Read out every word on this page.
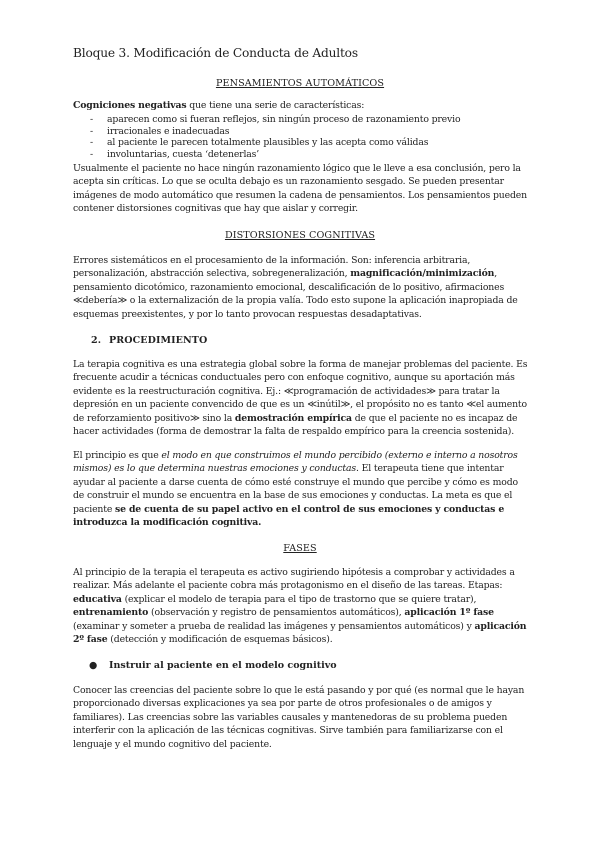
Bloque 3. Modificación de Conducta de Adultos
PENSAMIENTOS AUTOMÁTICOS
Cogniciones negativas que tiene una serie de características:
- aparecen como si fueran reflejos, sin ningún proceso de razonamiento previo
- irracionales e inadecuadas
- al paciente le parecen totalmente plausibles y las acepta como válidas
- involuntarias, cuesta ‘detenerlas’
Usualmente el paciente no hace ningún razonamiento lógico que le lleve a esa conclusión, pero la acepta sin críticas. Lo que se oculta debajo es un razonamiento sesgado. Se pueden presentar imágenes de modo automático que resumen la cadena de pensamientos. Los pensamientos pueden contener distorsiones cognitivas que hay que aislar y corregir.
DISTORSIONES COGNITIVAS
Errores sistemáticos en el procesamiento de la información. Son: inferencia arbitraria, personalización, abstracción selectiva, sobregeneralización, magnificación/minimización, pensamiento dicotómico, razonamiento emocional, descalificación de lo positivo, afirmaciones ≪debería≫ o la externalización de la propia valía. Todo esto supone la aplicación inapropiada de esquemas preexistentes, y por lo tanto provocan respuestas desadaptativas.
2. PROCEDIMIENTO
La terapia cognitiva es una estrategia global sobre la forma de manejar problemas del paciente. Es frecuente acudir a técnicas conductuales pero con enfoque cognitivo, aunque su aportación más evidente es la reestructuración cognitiva. Ej.: ≪programación de actividades≫ para tratar la depresión en un paciente convencido de que es un ≪inútil≫, el propósito no es tanto ≪el aumento de reforzamiento positivo≫ sino la demostración empírica de que el paciente no es incapaz de hacer actividades (forma de demostrar la falta de respaldo empírico para la creencia sostenida).
El principio es que el modo en que construimos el mundo percibido (externo e interno a nosotros mismos) es lo que determina nuestras emociones y conductas. El terapeuta tiene que intentar ayudar al paciente a darse cuenta de cómo esté construye el mundo que percibe y cómo es modo de construir el mundo se encuentra en la base de sus emociones y conductas. La meta es que el paciente se de cuenta de su papel activo en el control de sus emociones y conductas e introduzca la modificación cognitiva.
FASES
Al principio de la terapia el terapeuta es activo sugiriendo hipótesis a comprobar y actividades a realizar. Más adelante el paciente cobra más protagonismo en el diseño de las tareas. Etapas: educativa (explicar el modelo de terapia para el tipo de trastorno que se quiere tratar), entrenamiento (observación y registro de pensamientos automáticos), aplicación 1º fase (examinar y someter a prueba de realidad las imágenes y pensamientos automáticos) y aplicación 2º fase (detección y modificación de esquemas básicos).
● Instruir al paciente en el modelo cognitivo
Conocer las creencias del paciente sobre lo que le está pasando y por qué (es normal que le hayan proporcionado diversas explicaciones ya sea por parte de otros profesionales o de amigos y familiares). Las creencias sobre las variables causales y mantenedoras de su problema pueden interferir con la aplicación de las técnicas cognitivas. Sirve también para familiarizarse con el lenguaje y el mundo cognitivo del paciente.
